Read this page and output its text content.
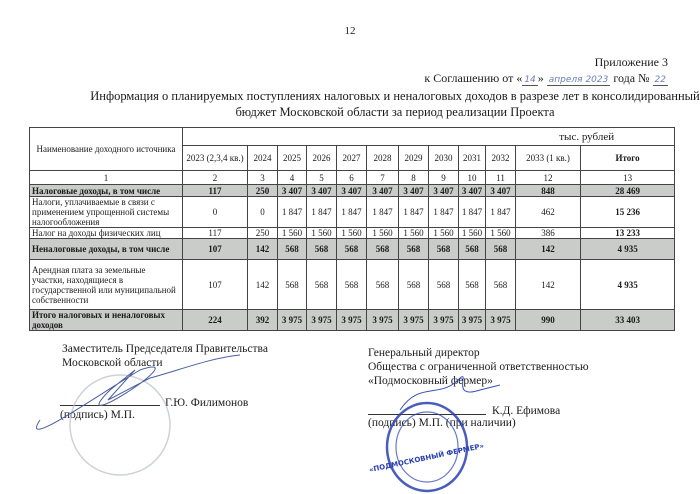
12
Приложение 3
к Соглашению от « 14 » апреля 2023 года № 22
Информация о планируемых поступлениях налоговых и неналоговых доходов в разрезе лет в консолидированный бюджет Московской области за период реализации Проекта
Наименование доходного источника	тыс. рублей											
	2023 (2,3,4 кв.)	2024	2025	2026	2027	2028	2029	2030	2031	2032	2033 (1 кв.)	Итого
1	2	3	4	5	6	7	8	9	10	11	12	13
Налоговые доходы, в том числе	117	250	3 407	3 407	3 407	3 407	3 407	3 407	3 407	3 407	848	28 469
Налоги, уплачиваемые в связи с применением упрощенной системы налогообложения	0	0	1 847	1 847	1 847	1 847	1 847	1 847	1 847	1 847	462	15 236
Налог на доходы физических лиц	117	250	1 560	1 560	1 560	1 560	1 560	1 560	1 560	1 560	386	13 233
Неналоговые доходы, в том числе	107	142	568	568	568	568	568	568	568	568	142	4 935
Арендная плата за земельные участки, находящиеся в государственной или муниципальной собственности	107	142	568	568	568	568	568	568	568	568	142	4 935
Итого налоговых и неналоговых доходов	224	392	3 975	3 975	3 975	3 975	3 975	3 975	3 975	3 975	990	33 403
Заместитель Председателя Правительства
Московской области
Г.Ю. Филимонов
(подпись) М.П.
Генеральный директор
Общества с ограниченной ответственностью
«Подмосковный фермер»
К.Д. Ефимова
(подпись) М.П. (при наличии)
«ПОДМОСКОВНЫЙ ФЕРМЕР»
